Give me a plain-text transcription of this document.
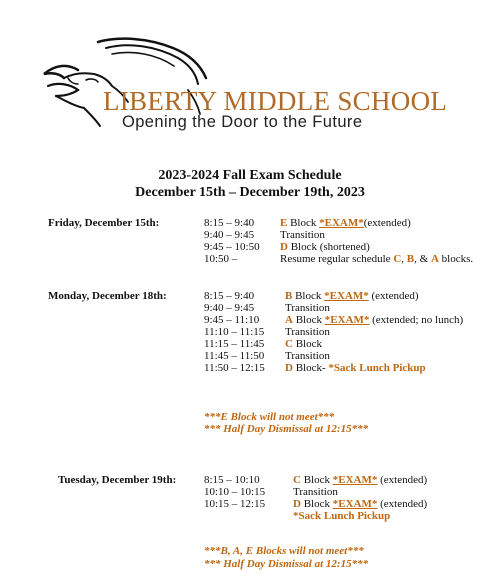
LIBERTY MIDDLE SCHOOL
Opening the Door to the Future
2023-2024 Fall Exam Schedule
December 15th – December 19th, 2023
Friday, December 15th:	8:15 – 9:40 E Block *EXAM*(extended)
9:40 – 9:45 Transition
9:45 – 10:50 D Block (shortened)
10:50 –	Resume regular schedule C, B, & A blocks.
Monday, December 18th:	8:15 – 9:40	B Block *EXAM* (extended)
9:40 – 9:45	Transition
9:45 – 11:10 A Block *EXAM* (extended; no lunch)
11:10 – 11:15 Transition
11:15 – 11:45 C Block
11:45 – 11:50 Transition
11:50 – 12:15 D Block- *Sack Lunch Pickup
***E Block will not meet***
*** Half Day Dismissal at 12:15***
Tuesday, December 19th:	8:15 – 10:10	C Block *EXAM* (extended)
10:10 – 10:15	Transition
10:15 – 12:15	D Block *EXAM* (extended)
*Sack Lunch Pickup
***B, A, E Blocks will not meet***
*** Half Day Dismissal at 12:15***
